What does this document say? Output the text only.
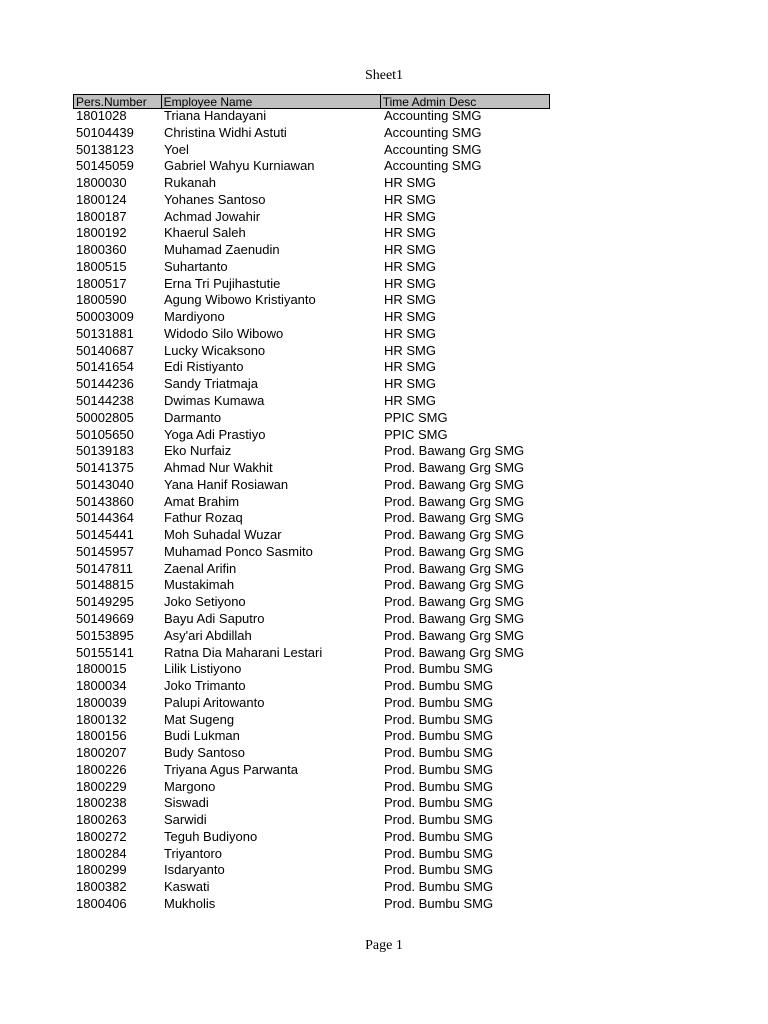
Sheet1
Pers.Number	Employee Name	Time Admin Desc
1801028	Triana Handayani	Accounting SMG
50104439	Christina Widhi Astuti	Accounting SMG
50138123	Yoel	Accounting SMG
50145059	Gabriel Wahyu Kurniawan	Accounting SMG
1800030	Rukanah	HR SMG
1800124	Yohanes Santoso	HR SMG
1800187	Achmad Jowahir	HR SMG
1800192	Khaerul Saleh	HR SMG
1800360	Muhamad Zaenudin	HR SMG
1800515	Suhartanto	HR SMG
1800517	Erna Tri Pujihastutie	HR SMG
1800590	Agung Wibowo Kristiyanto	HR SMG
50003009	Mardiyono	HR SMG
50131881	Widodo Silo Wibowo	HR SMG
50140687	Lucky Wicaksono	HR SMG
50141654	Edi Ristiyanto	HR SMG
50144236	Sandy Triatmaja	HR SMG
50144238	Dwimas Kumawa	HR SMG
50002805	Darmanto	PPIC SMG
50105650	Yoga Adi Prastiyo	PPIC SMG
50139183	Eko Nurfaiz	Prod. Bawang Grg SMG
50141375	Ahmad Nur Wakhit	Prod. Bawang Grg SMG
50143040	Yana Hanif Rosiawan	Prod. Bawang Grg SMG
50143860	Amat Brahim	Prod. Bawang Grg SMG
50144364	Fathur Rozaq	Prod. Bawang Grg SMG
50145441	Moh Suhadal Wuzar	Prod. Bawang Grg SMG
50145957	Muhamad Ponco Sasmito	Prod. Bawang Grg SMG
50147811	Zaenal Arifin	Prod. Bawang Grg SMG
50148815	Mustakimah	Prod. Bawang Grg SMG
50149295	Joko Setiyono	Prod. Bawang Grg SMG
50149669	Bayu Adi Saputro	Prod. Bawang Grg SMG
50153895	Asy'ari Abdillah	Prod. Bawang Grg SMG
50155141	Ratna Dia Maharani Lestari	Prod. Bawang Grg SMG
1800015	Lilik Listiyono	Prod. Bumbu SMG
1800034	Joko Trimanto	Prod. Bumbu SMG
1800039	Palupi Aritowanto	Prod. Bumbu SMG
1800132	Mat Sugeng	Prod. Bumbu SMG
1800156	Budi Lukman	Prod. Bumbu SMG
1800207	Budy Santoso	Prod. Bumbu SMG
1800226	Triyana Agus Parwanta	Prod. Bumbu SMG
1800229	Margono	Prod. Bumbu SMG
1800238	Siswadi	Prod. Bumbu SMG
1800263	Sarwidi	Prod. Bumbu SMG
1800272	Teguh Budiyono	Prod. Bumbu SMG
1800284	Triyantoro	Prod. Bumbu SMG
1800299	Isdaryanto	Prod. Bumbu SMG
1800382	Kaswati	Prod. Bumbu SMG
1800406	Mukholis	Prod. Bumbu SMG
Page 1
